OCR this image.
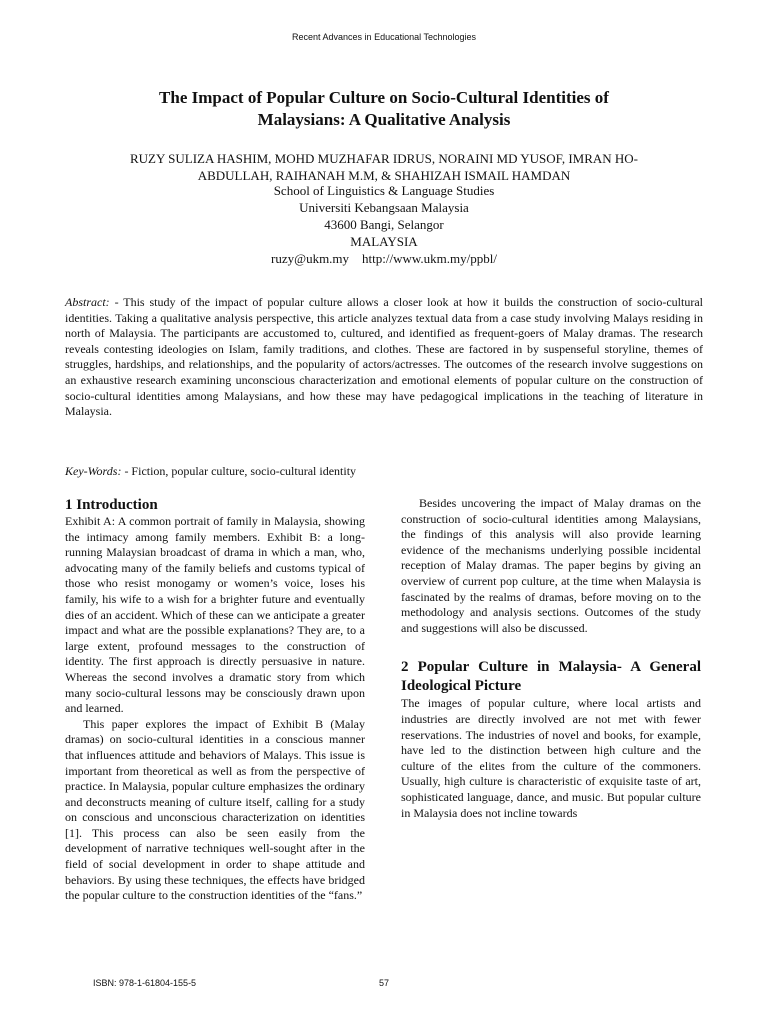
Recent Advances in Educational Technologies
The Impact of Popular Culture on Socio-Cultural Identities of
Malaysians: A Qualitative Analysis
RUZY SULIZA HASHIM, MOHD MUZHAFAR IDRUS, NORAINI MD YUSOF, IMRAN HO-
ABDULLAH, RAIHANAH M.M, & SHAHIZAH ISMAIL HAMDAN
School of Linguistics & Language Studies
Universiti Kebangsaan Malaysia
43600 Bangi, Selangor
MALAYSIA
ruzy@ukm.my    http://www.ukm.my/ppbl/
Abstract: - This study of the impact of popular culture allows a closer look at how it builds the construction of socio-cultural identities. Taking a qualitative analysis perspective, this article analyzes textual data from a case study involving Malays residing in north of Malaysia. The participants are accustomed to, cultured, and identified as frequent-goers of Malay dramas. The research reveals contesting ideologies on Islam, family traditions, and clothes. These are factored in by suspenseful storyline, themes of struggles, hardships, and relationships, and the popularity of actors/actresses. The outcomes of the research involve suggestions on an exhaustive research examining unconscious characterization and emotional elements of popular culture on the construction of socio-cultural identities among Malaysians, and how these may have pedagogical implications in the teaching of literature in Malaysia.
Key-Words: - Fiction, popular culture, socio-cultural identity
1 Introduction

Exhibit A: A common portrait of family in Malaysia, showing the intimacy among family members. Exhibit B: a long-running Malaysian broadcast of drama in which a man, who, advocating many of the family beliefs and customs typical of those who resist monogamy or women’s voice, loses his family, his wife to a wish for a brighter future and eventually dies of an accident. Which of these can we anticipate a greater impact and what are the possible explanations? They are, to a large extent, profound messages to the construction of identity. The first approach is directly persuasive in nature. Whereas the second involves a dramatic story from which many socio-cultural lessons may be consciously drawn upon and learned.

This paper explores the impact of Exhibit B (Malay dramas) on socio-cultural identities in a conscious manner that influences attitude and behaviors of Malays. This issue is important from theoretical as well as from the perspective of practice. In Malaysia, popular culture emphasizes the ordinary and deconstructs meaning of culture itself, calling for a study on conscious and unconscious characterization on identities [1]. This process can also be seen easily from the development of narrative techniques well-sought after in the field of social development in order to shape attitude and behaviors. By using these techniques, the effects have bridged the popular culture to the construction identities of the “fans.”

Besides uncovering the impact of Malay dramas on the construction of socio-cultural identities among Malaysians, the findings of this analysis will also provide learning evidence of the mechanisms underlying possible incidental reception of Malay dramas. The paper begins by giving an overview of current pop culture, at the time when Malaysia is fascinated by the realms of dramas, before moving on to the methodology and analysis sections. Outcomes of the study and suggestions will also be discussed.

2 Popular Culture in Malaysia- A General Ideological Picture

The images of popular culture, where local artists and industries are directly involved are not met with fewer reservations. The industries of novel and books, for example, have led to the distinction between high culture and the culture of the elites from the culture of the commoners. Usually, high culture is characteristic of exquisite taste of art, sophisticated language, dance, and music. But popular culture in Malaysia does not incline towards

ISBN: 978-1-61804-155-5	57
